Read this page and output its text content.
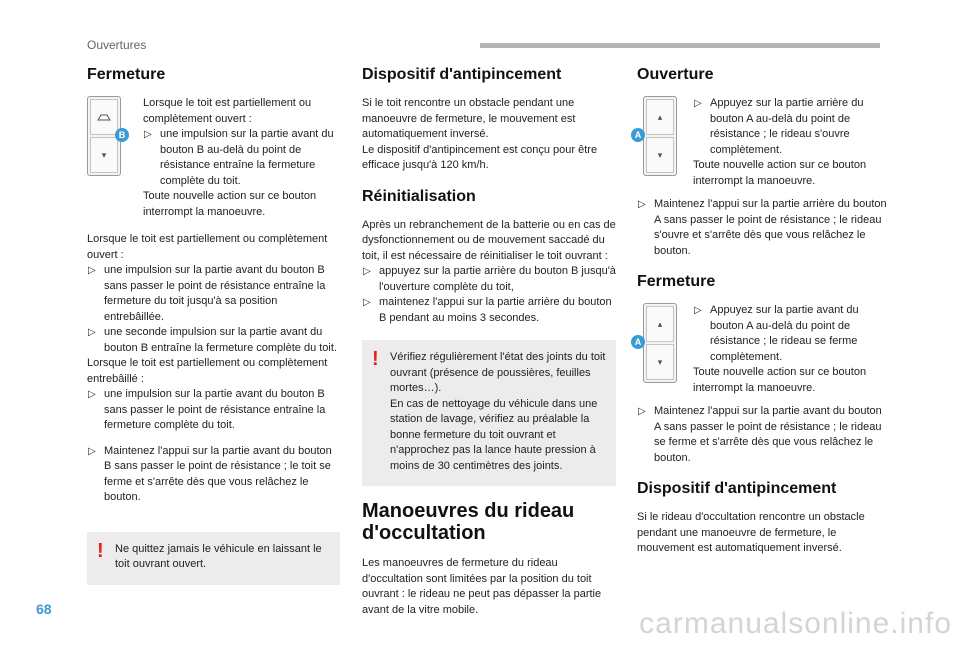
Ouvertures
Fermeture
▾
B

Lorsque le toit est partiellement ou complètement ouvert :

▷ une impulsion sur la partie avant du bouton B au-delà du point de résistance entraîne la fermeture complète du toit.

Toute nouvelle action sur ce bouton interrompt la manoeuvre.

Lorsque le toit est partiellement ou complètement ouvert :

▷ une impulsion sur la partie avant du bouton B sans passer le point de résistance entraîne la fermeture du toit jusqu'à sa position entrebâillée.

▷ une seconde impulsion sur la partie avant du bouton B entraîne la fermeture complète du toit.

Lorsque le toit est partiellement ou complètement entrebâillé :

▷ une impulsion sur la partie avant du bouton B sans passer le point de résistance entraîne la fermeture complète du toit.

▷ Maintenez l'appui sur la partie avant du bouton B sans passer le point de résistance ; le toit se ferme et s'arrête dès que vous relâchez le bouton.

! Ne quittez jamais le véhicule en laissant le toit ouvrant ouvert.

Dispositif d'antipincement

Si le toit rencontre un obstacle pendant une manoeuvre de fermeture, le mouvement est automatiquement inversé.

Le dispositif d'antipincement est conçu pour être efficace jusqu'à 120 km/h.

Réinitialisation

Après un rebranchement de la batterie ou en cas de dysfonctionnement ou de mouvement saccadé du toit, il est nécessaire de réinitialiser le toit ouvrant :

▷ appuyez sur la partie arrière du bouton B jusqu'à l'ouverture complète du toit,

▷ maintenez l'appui sur la partie arrière du bouton B pendant au moins 3 secondes.

! Vérifiez régulièrement l'état des joints du toit ouvrant (présence de poussières, feuilles mortes…).

En cas de nettoyage du véhicule dans une station de lavage, vérifiez au préalable la bonne fermeture du toit ouvrant et n'approchez pas la lance haute pression à moins de 30 centimètres des joints.

Manoeuvres du rideau d'occultation

Les manoeuvres de fermeture du rideau d'occultation sont limitées par la position du toit ouvrant : le rideau ne peut pas dépasser la partie avant de la vitre mobile.

Ouverture
▴
▾
A

▷ Appuyez sur la partie arrière du bouton A au-delà du point de résistance ; le rideau s'ouvre complètement.

Toute nouvelle action sur ce bouton interrompt la manoeuvre.

▷ Maintenez l'appui sur la partie arrière du bouton A sans passer le point de résistance ; le rideau s'ouvre et s'arrête dès que vous relâchez le bouton.

Fermeture
▴
▾
A

▷ Appuyez sur la partie avant du bouton A au-delà du point de résistance ; le rideau se ferme complètement.

Toute nouvelle action sur ce bouton interrompt la manoeuvre.

▷ Maintenez l'appui sur la partie avant du bouton A sans passer le point de résistance ; le rideau se ferme et s'arrête dès que vous relâchez le bouton.

Dispositif d'antipincement

Si le rideau d'occultation rencontre un obstacle pendant une manoeuvre de fermeture, le mouvement est automatiquement inversé.

68	carmanualsonline.info
